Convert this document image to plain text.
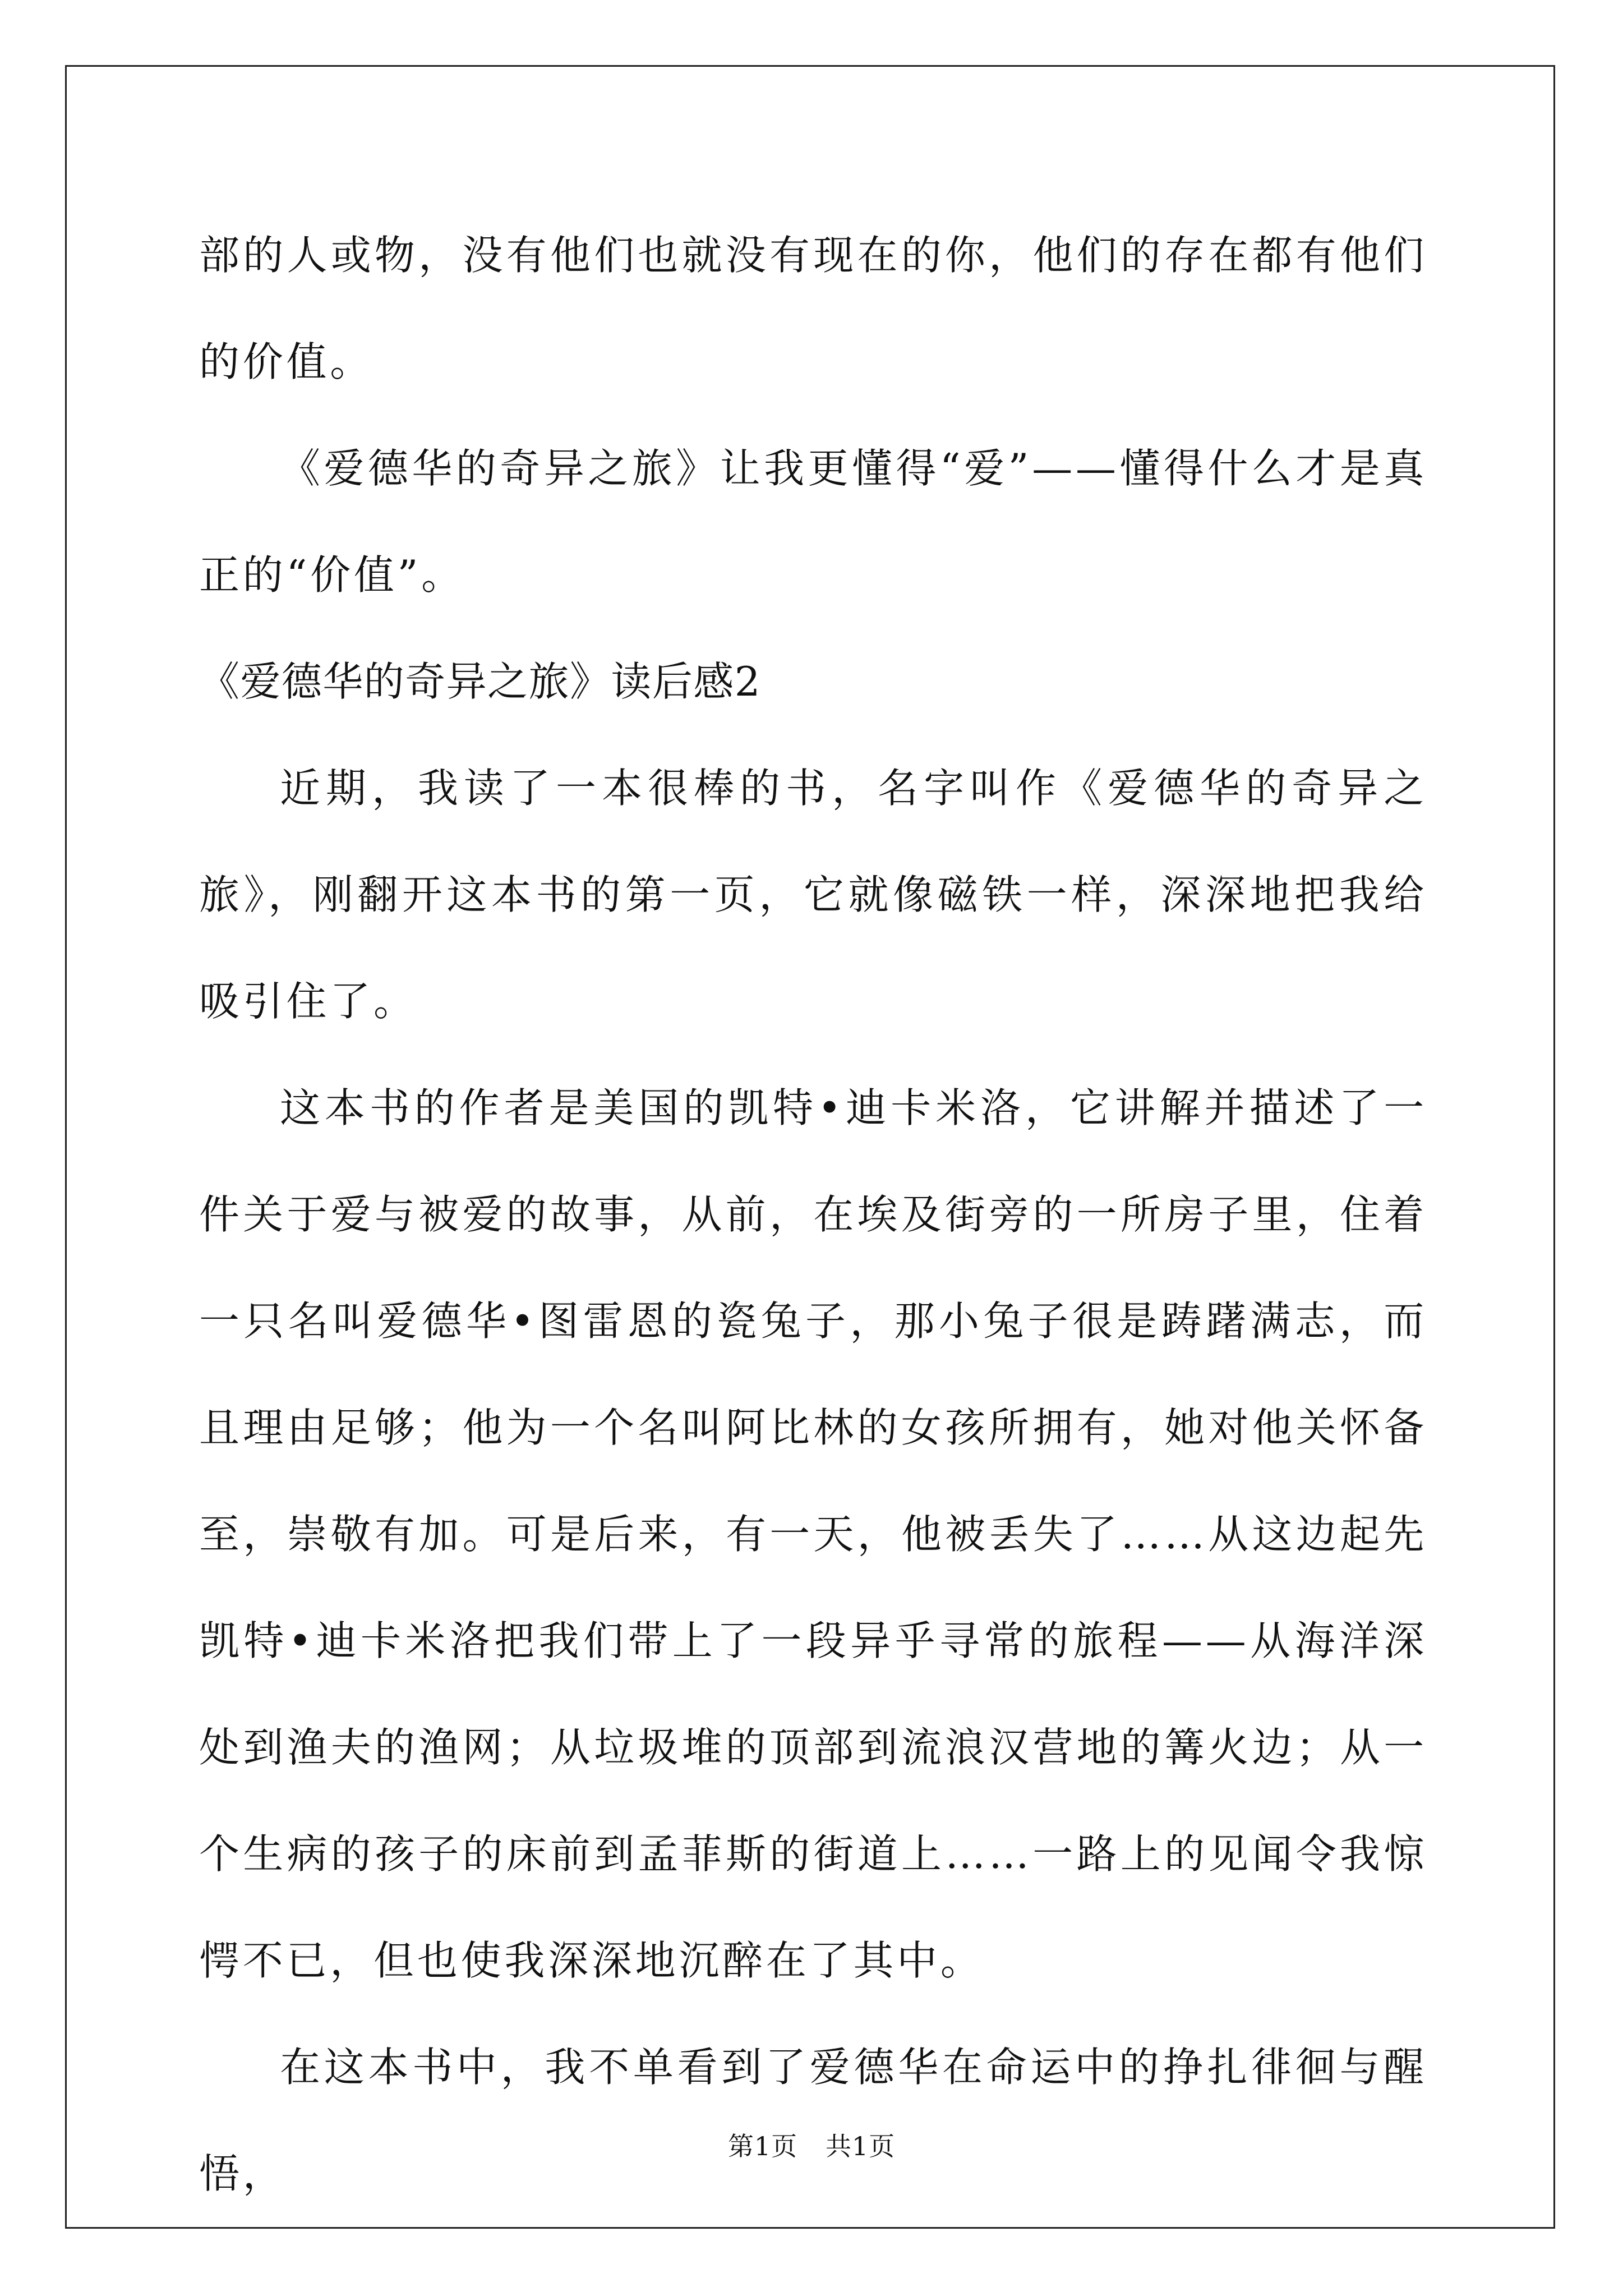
部的人或物，没有他们也就没有现在的你，他们的存在都有他们的价值。

《爱德华的奇异之旅》让我更懂得“爱”——懂得什么才是真正的“价值”。

《爱德华的奇异之旅》读后感2

近期，我读了一本很棒的书，名字叫作《爱德华的奇异之旅》，刚翻开这本书的第一页，它就像磁铁一样，深深地把我给吸引住了。

这本书的作者是美国的凯特•迪卡米洛，它讲解并描述了一件关于爱与被爱的故事，从前，在埃及街旁的一所房子里，住着一只名叫爱德华•图雷恩的瓷兔子，那小兔子很是踌躇满志，而且理由足够；他为一个名叫阿比林的女孩所拥有，她对他关怀备至，崇敬有加。可是后来，有一天，他被丢失了……从这边起先凯特•迪卡米洛把我们带上了一段异乎寻常的旅程——从海洋深处到渔夫的渔网；从垃圾堆的顶部到流浪汉营地的篝火边；从一个生病的孩子的床前到孟菲斯的街道上……一路上的见闻令我惊愕不已，但也使我深深地沉醉在了其中。

在这本书中，我不单看到了爱德华在命运中的挣扎徘徊与醒悟，

第1页 共1页
